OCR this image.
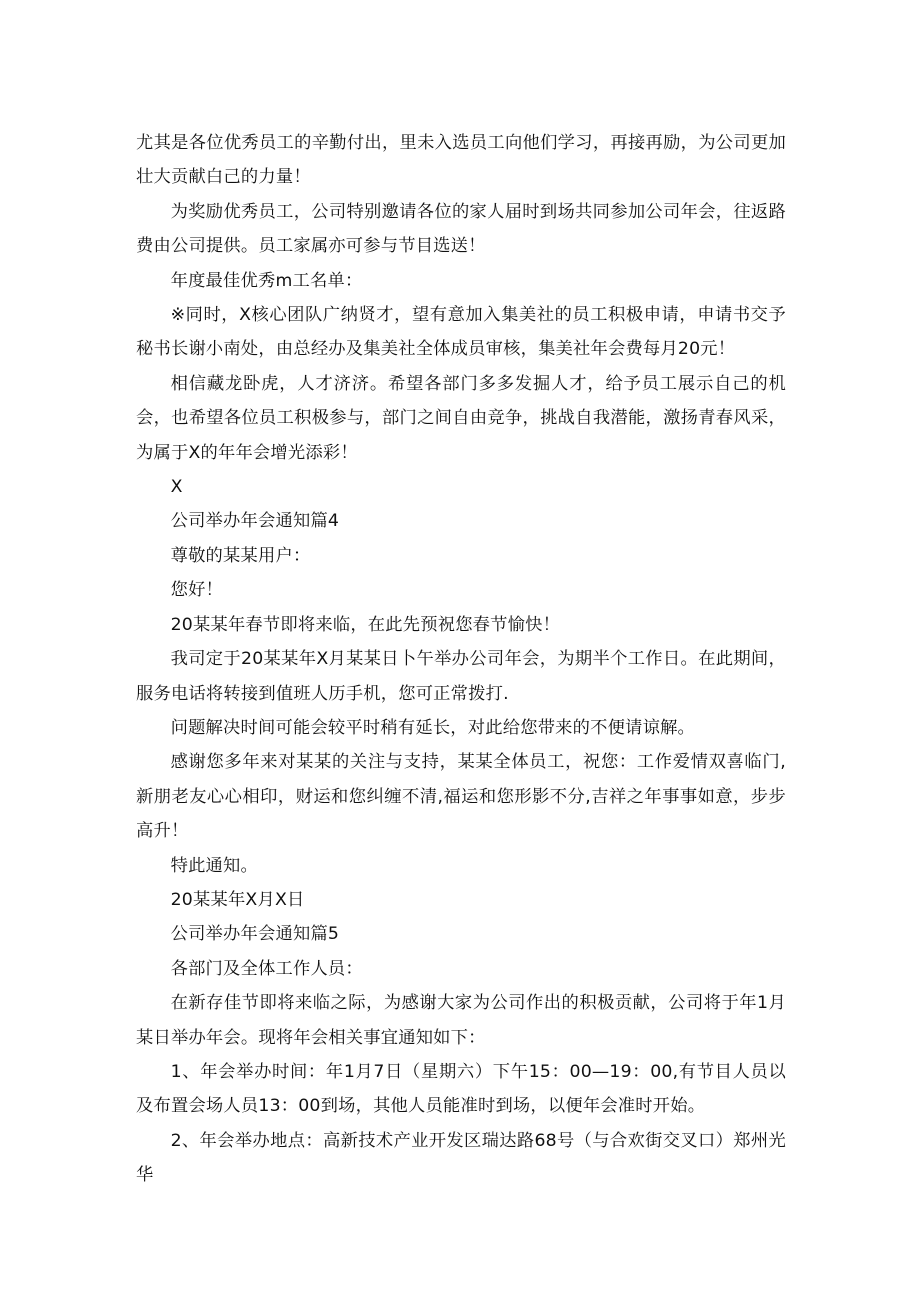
尤其是各位优秀员工的辛勤付出，里未入选员工向他们学习，再接再励，为公司更加壮大贡献白己的力量！

为奖励优秀员工，公司特别邀请各位的家人届时到场共同参加公司年会，往返路费由公司提供。员工家属亦可参与节目选送！

年度最佳优秀m工名单：

※同时，X核心团队广纳贤才，望有意加入集美社的员工积极申请，申请书交予秘书长谢小南处，由总经办及集美社全体成员审核，集美社年会费每月20元！

相信藏龙卧虎，人才济济。希望各部门多多发掘人才，给予员工展示自己的机会，也希望各位员工积极参与，部门之间自由竞争，挑战自我潜能，激扬青春风采，为属于X的年年会增光添彩！

X

公司举办年会通知篇4

尊敬的某某用户：

您好！

20某某年春节即将来临，在此先预祝您春节愉快！

我司定于20某某年X月某某日卜午举办公司年会，为期半个工作日。在此期间，服务电话将转接到值班人历手机，您可正常拨打.

问题解决时间可能会较平时稍有延长，对此给您带来的不便请谅解。

感谢您多年来对某某的关注与支持，某某全体员工，祝您：工作爱情双喜临门,新朋老友心心相印，财运和您纠缠不清,福运和您形影不分,吉祥之年事事如意，步步高升！

特此通知。

20某某年X月X日

公司举办年会通知篇5

各部门及全体工作人员：

在新存佳节即将来临之际，为感谢大家为公司作出的积极贡献，公司将于年1月某日举办年会。现将年会相关事宜通知如下：

1、年会举办时间：年1月7日（星期六）下午15：00—19：00,有节目人员以及布置会场人员13：00到场，其他人员能准时到场，以便年会准时开始。

2、年会举办地点：高新技术产业开发区瑞达路68号（与合欢街交叉口）郑州光华
